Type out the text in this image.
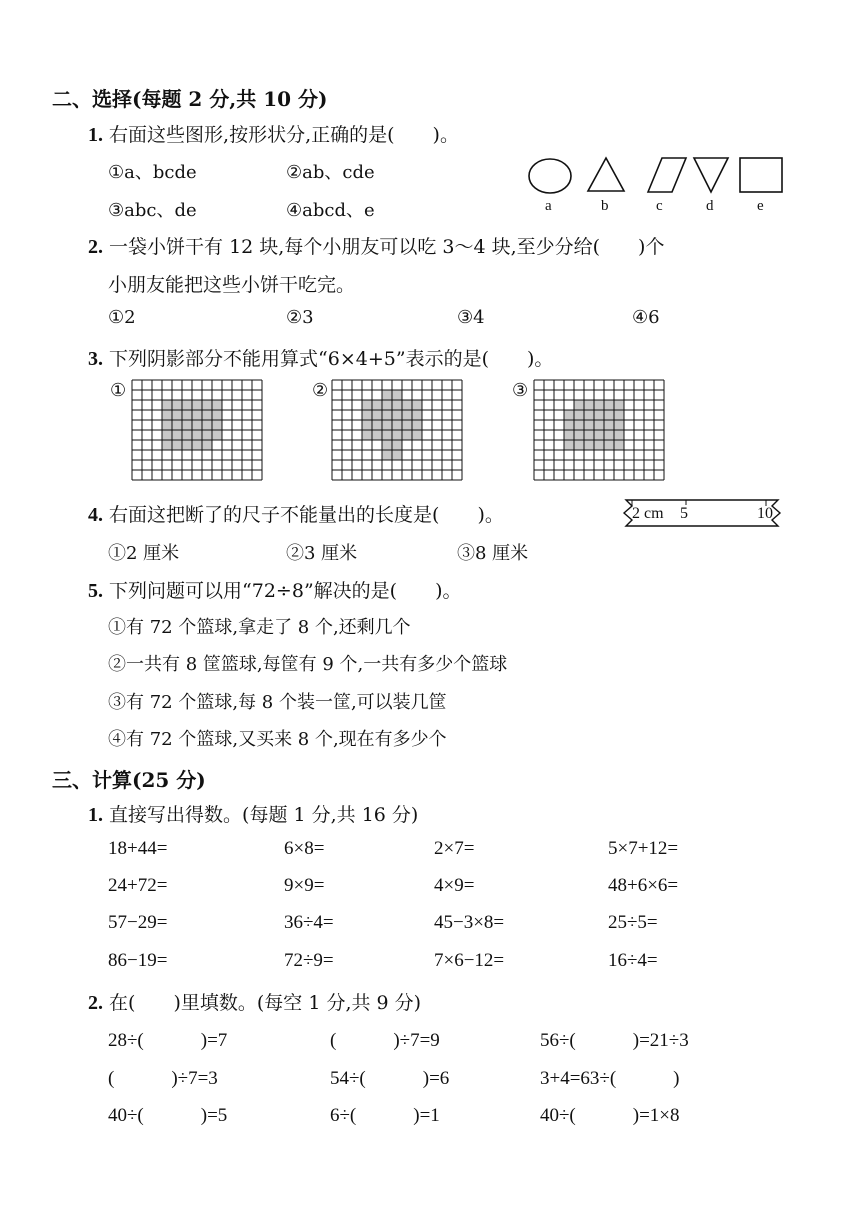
二、选择(每题 2 分,共 10 分)
1. 右面这些图形,按形状分,正确的是(　　)。
①a、bcde	②ab、cde
③abc、de	④abcd、e	a	b	c	d	e
2. 一袋小饼干有 12 块,每个小朋友可以吃 3～4 块,至少分给(　　)个
小朋友能把这些小饼干吃完。
①2	②3	③4	④6
3. 下列阴影部分不能用算式“6×4+5”表示的是(　　)。
①	②	③
4. 右面这把断了的尺子不能量出的长度是(　　)。	2 cm 5	10
①2 厘米	②3 厘米	③8 厘米
5. 下列问题可以用“72÷8”解决的是(　　)。
①有 72 个篮球,拿走了 8 个,还剩几个
②一共有 8 筐篮球,每筐有 9 个,一共有多少个篮球
③有 72 个篮球,每 8 个装一筐,可以装几筐
④有 72 个篮球,又买来 8 个,现在有多少个
三、计算(25 分)
1. 直接写出得数。(每题 1 分,共 16 分)
18+44=	6×8=	2×7=	5×7+12=
24+72=	9×9=	4×9=	48+6×6=
57−29=	36÷4=	45−3×8=	25÷5=
86−19=	72÷9=	7×6−12=	16÷4=
2. 在(　　)里填数。(每空 1 分,共 9 分)
28÷(　　　)=7	(　　　)÷7=9	56÷(　　　)=21÷3
(　　　)÷7=3	54÷(　　　)=6	3+4=63÷(　　　)
40÷(　　　)=5	6÷(　　　)=1	40÷(　　　)=1×8
